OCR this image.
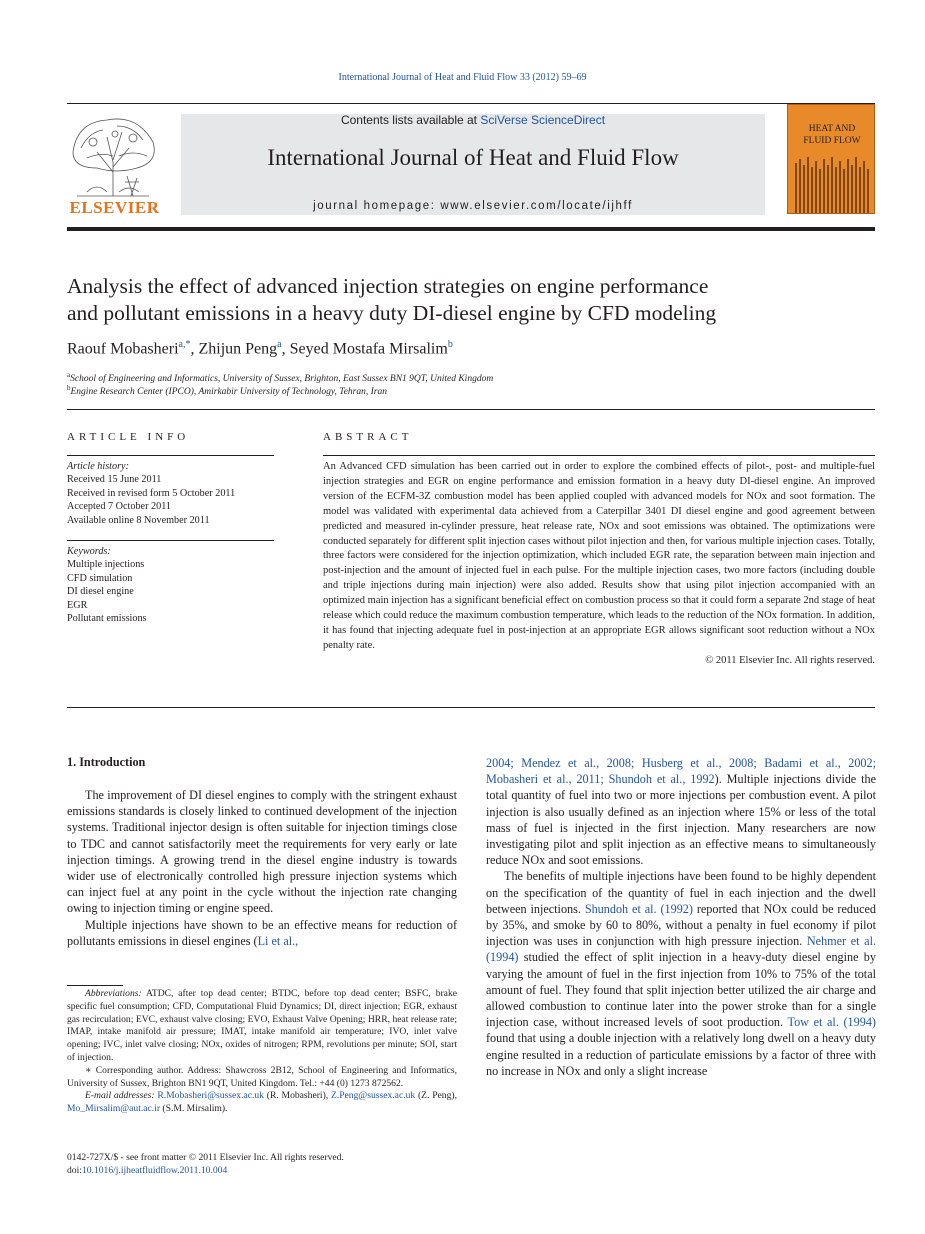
International Journal of Heat and Fluid Flow 33 (2012) 59–69
ELSEVIER
Contents lists available at SciVerse ScienceDirect
International Journal of Heat and Fluid Flow
journal homepage: www.elsevier.com/locate/ijhff
HEAT AND
FLUID FLOW
Analysis the effect of advanced injection strategies on engine performance
and pollutant emissions in a heavy duty DI-diesel engine by CFD modeling
Raouf Mobasheri$^{a,*}$, Zhijun Peng$^a$, Seyed Mostafa Mirsalim$^b$
$^a$School of Engineering and Informatics, University of Sussex, Brighton, East Sussex BN1 9QT, United Kingdom
$^b$Engine Research Center (IPCO), Amirkabir University of Technology, Tehran, Iran
ARTICLE INFO
Article history:
Received 15 June 2011
Received in revised form 5 October 2011
Accepted 7 October 2011
Available online 8 November 2011
Keywords:
Multiple injections
CFD simulation
DI diesel engine
EGR
Pollutant emissions
ABSTRACT
An Advanced CFD simulation has been carried out in order to explore the combined effects of pilot-, post- and multiple-fuel injection strategies and EGR on engine performance and emission formation in a heavy duty DI-diesel engine. An improved version of the ECFM-3Z combustion model has been applied coupled with advanced models for NOx and soot formation. The model was validated with experimental data achieved from a Caterpillar 3401 DI diesel engine and good agreement between predicted and measured in-cylinder pressure, heat release rate, NOx and soot emissions was obtained. The optimizations were conducted separately for different split injection cases without pilot injection and then, for various multiple injection cases. Totally, three factors were considered for the injection optimization, which included EGR rate, the separation between main injection and post-injection and the amount of injected fuel in each pulse. For the multiple injection cases, two more factors (including double and triple injections during main injection) were also added. Results show that using pilot injection accompanied with an optimized main injection has a significant beneficial effect on combustion process so that it could form a separate 2nd stage of heat release which could reduce the maximum combustion temperature, which leads to the reduction of the NOx formation. In addition, it has found that injecting adequate fuel in post-injection at an appropriate EGR allows significant soot reduction without a NOx penalty rate.
© 2011 Elsevier Inc. All rights reserved.
1. Introduction

The improvement of DI diesel engines to comply with the stringent exhaust emissions standards is closely linked to continued development of the injection systems. Traditional injector design is often suitable for injection timings close to TDC and cannot satisfactorily meet the requirements for very early or late injection timings. A growing trend in the diesel engine industry is towards wider use of electronically controlled high pressure injection systems which can inject fuel at any point in the cycle without the injection rate changing owing to injection timing or engine speed.

Multiple injections have shown to be an effective means for reduction of pollutants emissions in diesel engines (Li et al.,

Abbreviations: ATDC, after top dead center; BTDC, before top dead center; BSFC, brake specific fuel consumption; CFD, Computational Fluid Dynamics; DI, direct injection; EGR, exhaust gas recirculation; EVC, exhaust valve closing; EVO, Exhaust Valve Opening; HRR, heat release rate; IMAP, intake manifold air pressure; IMAT, intake manifold air temperature; IVO, inlet valve opening; IVC, inlet valve closing; NOx, oxides of nitrogen; RPM, revolutions per minute; SOI, start of injection.

∗ Corresponding author. Address: Shawcross 2B12, School of Engineering and Informatics, University of Sussex, Brighton BN1 9QT, United Kingdom. Tel.: +44 (0) 1273 872562.

E-mail addresses: R.Mobasheri@sussex.ac.uk (R. Mobasheri), Z.Peng@sussex.ac.uk (Z. Peng), Mo_Mirsalim@aut.ac.ir (S.M. Mirsalim).

0142-727X/$ - see front matter © 2011 Elsevier Inc. All rights reserved.
doi:10.1016/j.ijheatfluidflow.2011.10.004

2004; Mendez et al., 2008; Husberg et al., 2008; Badami et al., 2002; Mobasheri et al., 2011; Shundoh et al., 1992). Multiple injections divide the total quantity of fuel into two or more injections per combustion event. A pilot injection is also usually defined as an injection where 15% or less of the total mass of fuel is injected in the first injection. Many researchers are now investigating pilot and split injection as an effective means to simultaneously reduce NOx and soot emissions.

The benefits of multiple injections have been found to be highly dependent on the specification of the quantity of fuel in each injection and the dwell between injections. Shundoh et al. (1992) reported that NOx could be reduced by 35%, and smoke by 60 to 80%, without a penalty in fuel economy if pilot injection was uses in conjunction with high pressure injection. Nehmer et al. (1994) studied the effect of split injection in a heavy-duty diesel engine by varying the amount of fuel in the first injection from 10% to 75% of the total amount of fuel. They found that split injection better utilized the air charge and allowed combustion to continue later into the power stroke than for a single injection case, without increased levels of soot production. Tow et al. (1994) found that using a double injection with a relatively long dwell on a heavy duty engine resulted in a reduction of particulate emissions by a factor of three with no increase in NOx and only a slight increase
